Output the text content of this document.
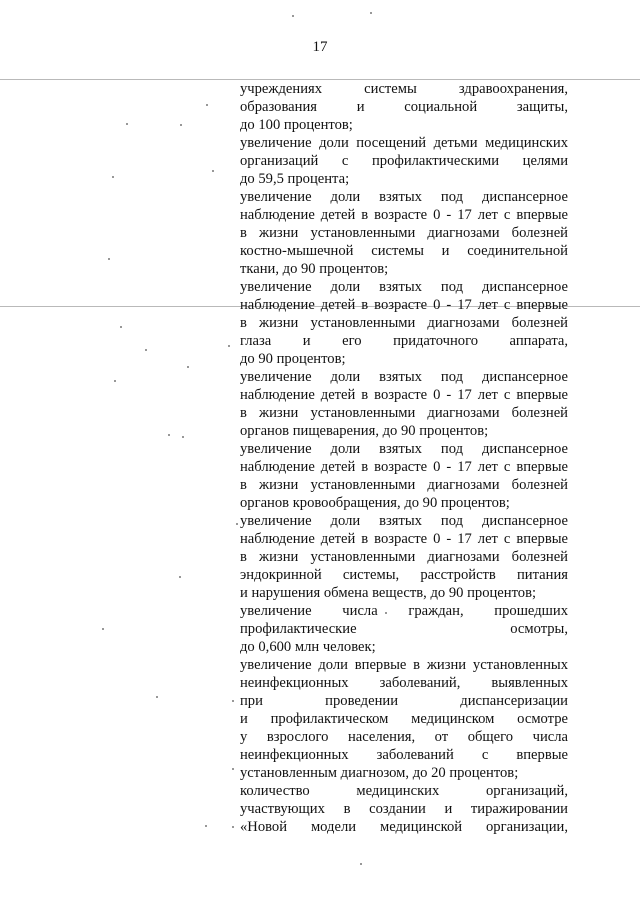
17
учреждениях системы здравоохранения,
образования и социальной защиты,
до 100 процентов;
увеличение доли посещений детьми медицинских
организаций с профилактическими целями
до 59,5 процента;
увеличение доли взятых под диспансерное
наблюдение детей в возрасте 0 - 17 лет с впервые
в жизни установленными диагнозами болезней
костно-мышечной системы и соединительной
ткани, до 90 процентов;
увеличение доли взятых под диспансерное
наблюдение детей в возрасте 0 - 17 лет с впервые
в жизни установленными диагнозами болезней
глаза и его придаточного аппарата,
до 90 процентов;
увеличение доли взятых под диспансерное
наблюдение детей в возрасте 0 - 17 лет с впервые
в жизни установленными диагнозами болезней
органов пищеварения, до 90 процентов;
увеличение доли взятых под диспансерное
наблюдение детей в возрасте 0 - 17 лет с впервые
в жизни установленными диагнозами болезней
органов кровообращения, до 90 процентов;
увеличение доли взятых под диспансерное
наблюдение детей в возрасте 0 - 17 лет с впервые
в жизни установленными диагнозами болезней
эндокринной системы, расстройств питания
и нарушения обмена веществ, до 90 процентов;
увеличение числа граждан, прошедших
профилактические осмотры,
до 0,600 млн человек;
увеличение доли впервые в жизни установленных
неинфекционных заболеваний, выявленных
при проведении диспансеризации
и профилактическом медицинском осмотре
у взрослого населения, от общего числа
неинфекционных заболеваний с впервые
установленным диагнозом, до 20 процентов;
количество медицинских организаций,
участвующих в создании и тиражировании
«Новой модели медицинской организации,
